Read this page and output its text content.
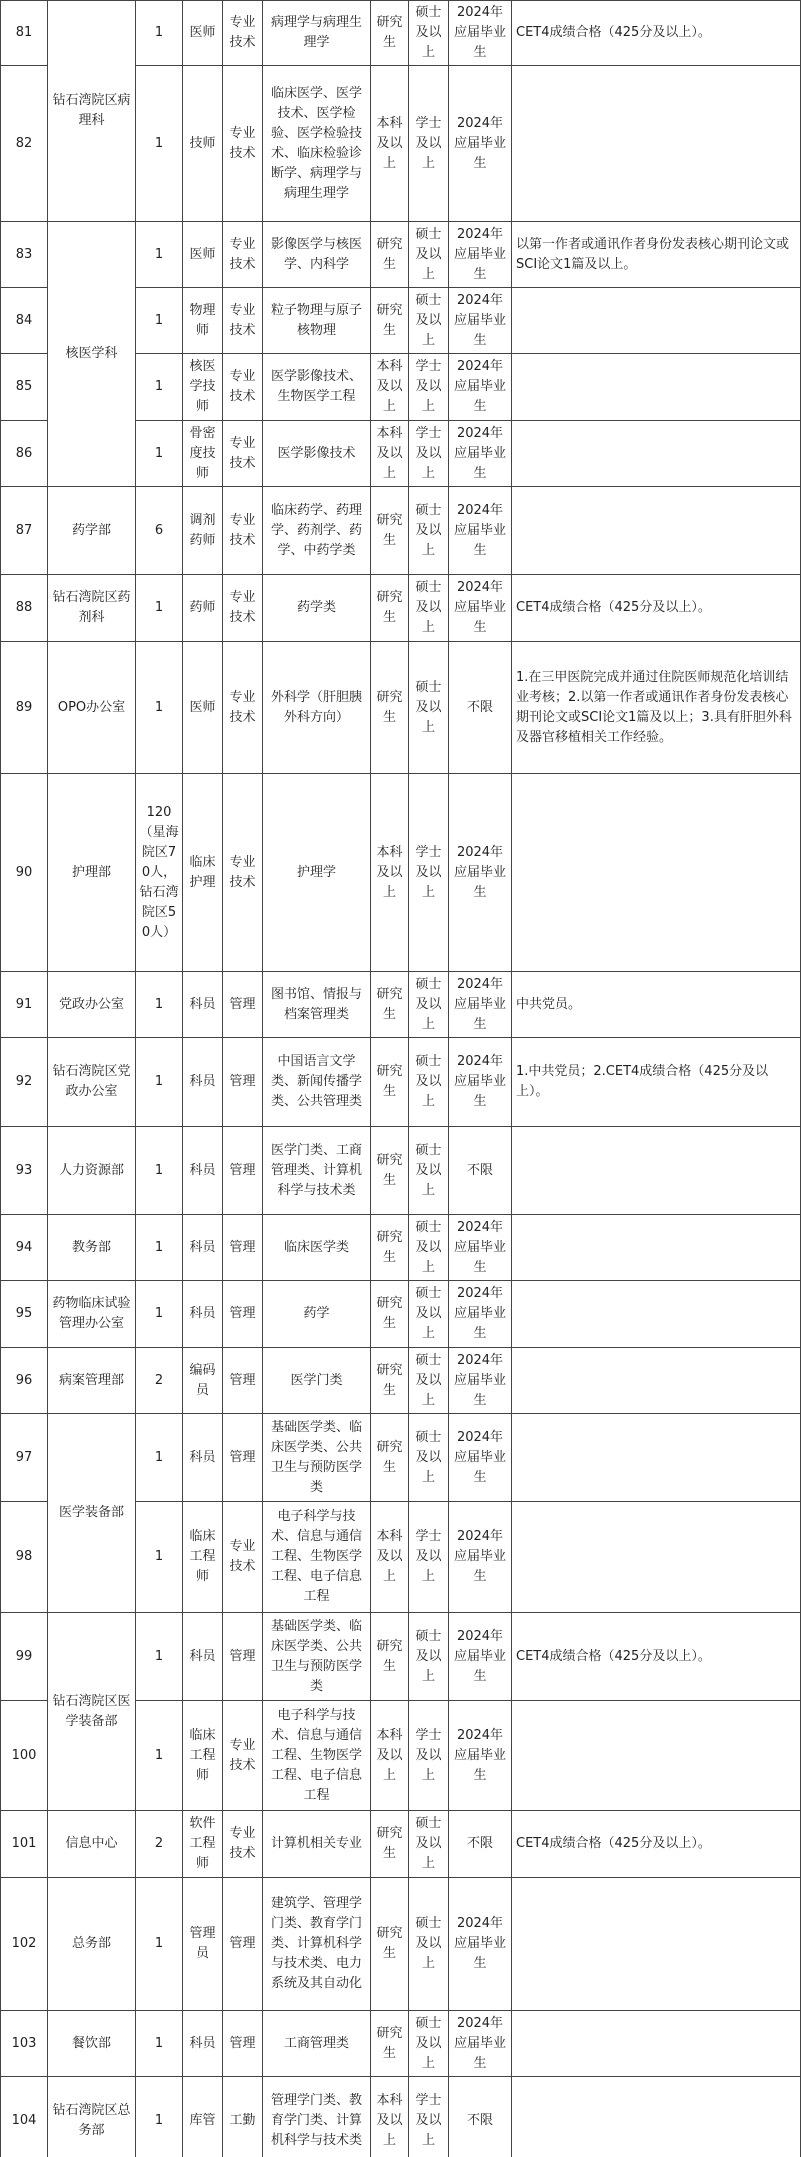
81	钻石湾院区病理科	1	医师	专业技术	病理学与病理生理学	研究生	硕士及以上	2024年应届毕业生	CET4成绩合格（425分及以上）。
82		1	技师	专业技术	临床医学、医学技术、医学检验、医学检验技术、临床检验诊断学、病理学与病理生理学	本科及以上	学士及以上	2024年应届毕业生	
83	核医学科	1	医师	专业技术	影像医学与核医学、内科学	研究生	硕士及以上	2024年应届毕业生	以第一作者或通讯作者身份发表核心期刊论文或SCI论文1篇及以上。
84		1	物理师	专业技术	粒子物理与原子核物理	研究生	硕士及以上	2024年应届毕业生	
85		1	核医学技师	专业技术	医学影像技术、生物医学工程	本科及以上	学士及以上	2024年应届毕业生	
86		1	骨密度技师	专业技术	医学影像技术	本科及以上	学士及以上	2024年应届毕业生	
87	药学部	6	调剂药师	专业技术	临床药学、药理学、药剂学、药学、中药学类	研究生	硕士及以上	2024年应届毕业生	
88	钻石湾院区药剂科	1	药师	专业技术	药学类	研究生	硕士及以上	2024年应届毕业生	CET4成绩合格（425分及以上）。
89	OPO办公室	1	医师	专业技术	外科学（肝胆胰外科方向）	研究生	硕士及以上	不限	1.在三甲医院完成并通过住院医师规范化培训结业考核；2.以第一作者或通讯作者身份发表核心期刊论文或SCI论文1篇及以上；3.具有肝胆外科及器官移植相关工作经验。
90	护理部	120（星海院区70人，钻石湾院区50人）	临床护理	专业技术	护理学	本科及以上	学士及以上	2024年应届毕业生	
91	党政办公室	1	科员	管理	图书馆、情报与档案管理类	研究生	硕士及以上	2024年应届毕业生	中共党员。
92	钻石湾院区党政办公室	1	科员	管理	中国语言文学类、新闻传播学类、公共管理类	研究生	硕士及以上	2024年应届毕业生	1.中共党员；2.CET4成绩合格（425分及以上）。
93	人力资源部	1	科员	管理	医学门类、工商管理类、计算机科学与技术类	研究生	硕士及以上	不限	
94	教务部	1	科员	管理	临床医学类	研究生	硕士及以上	2024年应届毕业生	
95	药物临床试验管理办公室	1	科员	管理	药学	研究生	硕士及以上	2024年应届毕业生	
96	病案管理部	2	编码员	管理	医学门类	研究生	硕士及以上	2024年应届毕业生	
97	医学装备部	1	科员	管理	基础医学类、临床医学类、公共卫生与预防医学类	研究生	硕士及以上	2024年应届毕业生	
98		1	临床工程师	专业技术	电子科学与技术、信息与通信工程、生物医学工程、电子信息工程	本科及以上	学士及以上	2024年应届毕业生	
99	钻石湾院区医学装备部	1	科员	管理	基础医学类、临床医学类、公共卫生与预防医学类	研究生	硕士及以上	2024年应届毕业生	CET4成绩合格（425分及以上）。
100		1	临床工程师	专业技术	电子科学与技术、信息与通信工程、生物医学工程、电子信息工程	本科及以上	学士及以上	2024年应届毕业生	
101	信息中心	2	软件工程师	专业技术	计算机相关专业	研究生	硕士及以上	不限	CET4成绩合格（425分及以上）。
102	总务部	1	管理员	管理	建筑学、管理学门类、教育学门类、计算机科学与技术类、电力系统及其自动化	研究生	硕士及以上	2024年应届毕业生	
103	餐饮部	1	科员	管理	工商管理类	研究生	硕士及以上	2024年应届毕业生	
104	钻石湾院区总务部	1	库管	工勤	管理学门类、教育学门类、计算机科学与技术类	本科及以上	学士及以上	不限	
